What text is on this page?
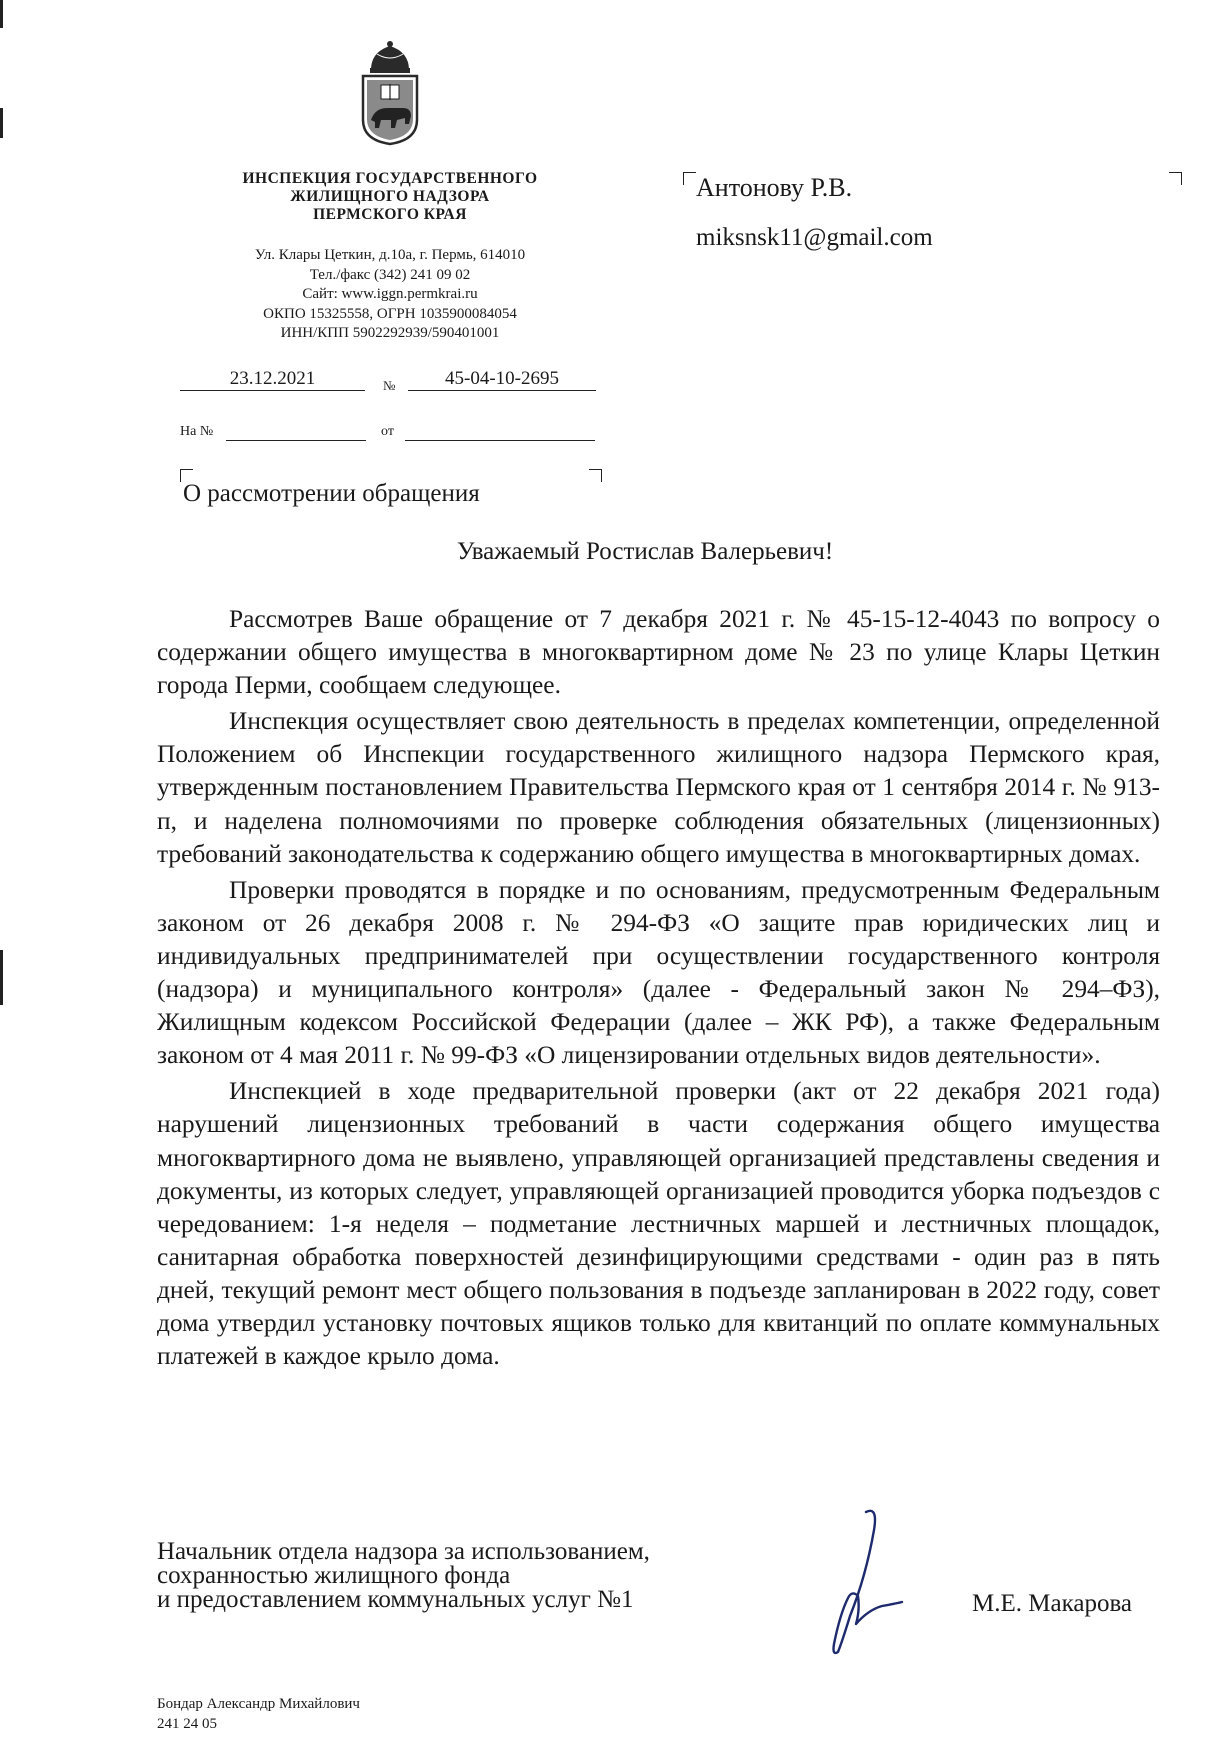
ИНСПЕКЦИЯ ГОСУДАРСТВЕННОГО
ЖИЛИЩНОГО НАДЗОРА
ПЕРМСКОГО КРАЯ
Ул. Клары Цеткин, д.10а, г. Пермь, 614010
Тел./факс (342) 241 09 02
Сайт: www.iggn.permkrai.ru
ОКПО 15325558, ОГРН 1035900084054
ИНН/КПП 5902292939/590401001
23.12.2021	№	45-04-10-2695
На №	от
Антонову Р.В.
miksnsk11@gmail.com
О рассмотрении обращения
Уважаемый Ростислав Валерьевич!

Рассмотрев Ваше обращение от 7 декабря 2021 г. № 45-15-12-4043 по вопросу о содержании общего имущества в многоквартирном доме № 23 по улице Клары Цеткин города Перми, сообщаем следующее.

Инспекция осуществляет свою деятельность в пределах компетенции, определенной Положением об Инспекции государственного жилищного надзора Пермского края, утвержденным постановлением Правительства Пермского края от 1 сентября 2014 г. № 913-п, и наделена полномочиями по проверке соблюдения обязательных (лицензионных) требований законодательства к содержанию общего имущества в многоквартирных домах.

Проверки проводятся в порядке и по основаниям, предусмотренным Федеральным законом от 26 декабря 2008 г. № 294-ФЗ «О защите прав юридических лиц и индивидуальных предпринимателей при осуществлении государственного контроля (надзора) и муниципального контроля» (далее - Федеральный закон № 294–ФЗ), Жилищным кодексом Российской Федерации (далее – ЖК РФ), а также Федеральным законом от 4 мая 2011 г. № 99-ФЗ «О лицензировании отдельных видов деятельности».

Инспекцией в ходе предварительной проверки (акт от 22 декабря 2021 года) нарушений лицензионных требований в части содержания общего имущества многоквартирного дома не выявлено, управляющей организацией представлены сведения и документы, из которых следует, управляющей организацией проводится уборка подъездов с чередованием: 1-я неделя – подметание лестничных маршей и лестничных площадок, санитарная обработка поверхностей дезинфицирующими средствами - один раз в пять дней, текущий ремонт мест общего пользования в подъезде запланирован в 2022 году, совет дома утвердил установку почтовых ящиков только для квитанций по оплате коммунальных платежей в каждое крыло дома.

Начальник отдела надзора за использованием,
сохранностью жилищного фонда
и предоставлением коммунальных услуг №1	М.Е. Макарова
Бондар Александр Михайлович
241 24 05
